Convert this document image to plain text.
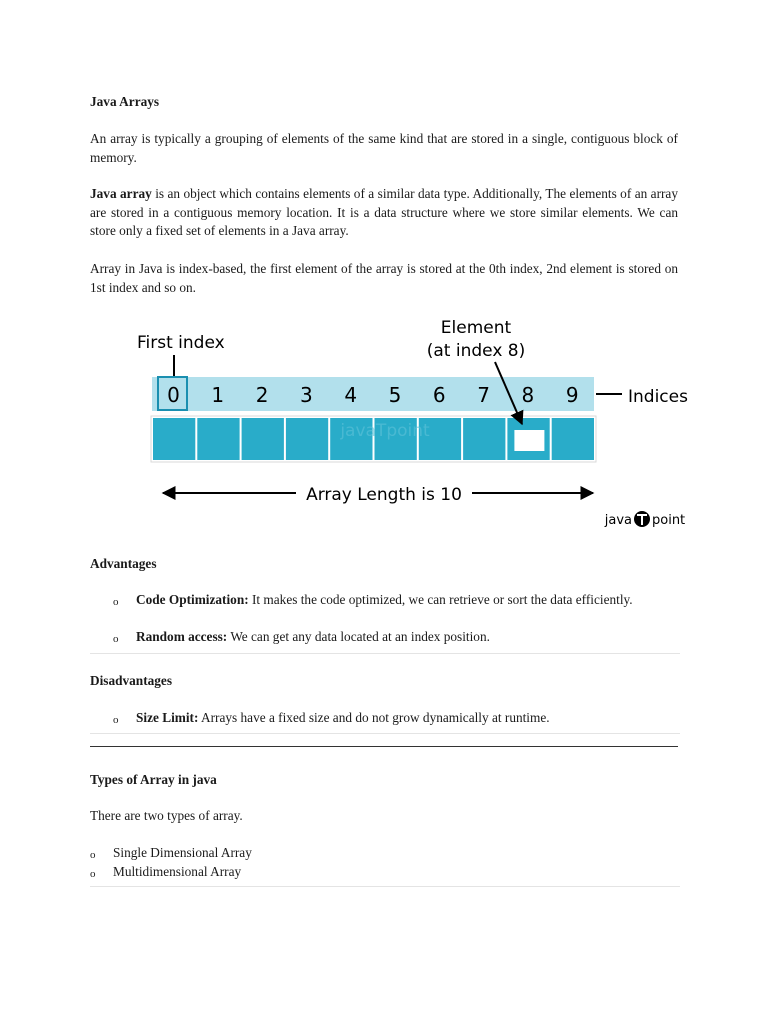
Java Arrays
An array is typically a grouping of elements of the same kind that are stored in a single, contiguous block of memory.
Java array is an object which contains elements of a similar data type. Additionally, The elements of an array are stored in a contiguous memory location. It is a data structure where we store similar elements. We can store only a fixed set of elements in a Java array.
Array in Java is index-based, the first element of the array is stored at the 0th index, 2nd element is stored on 1st index and so on.
First index
Element
(at index 8)
0 1 2 3 4 5 6 7 8 9	Indices
javaTpoint
Array Length is 10
java point
Advantages
o Code Optimization: It makes the code optimized, we can retrieve or sort the data efficiently.
o Random access: We can get any data located at an index position.
Disadvantages
o Size Limit: Arrays have a fixed size and do not grow dynamically at runtime.
Types of Array in java
There are two types of array.
o Single Dimensional Array
o Multidimensional Array
